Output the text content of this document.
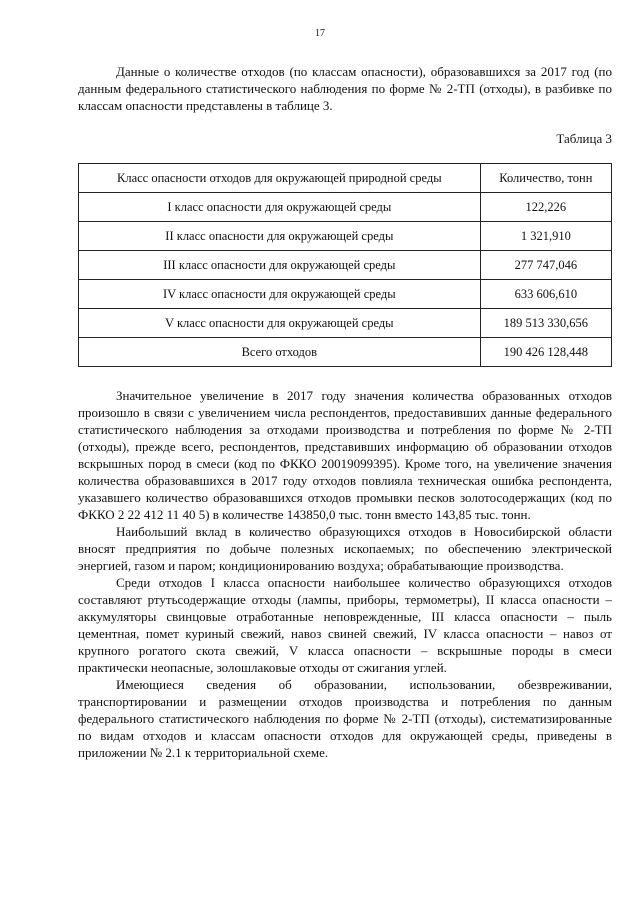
17

Данные о количестве отходов (по классам опасности), образовавшихся за 2017 год (по данным федерального статистического наблюдения по форме № 2-ТП (отходы), в разбивке по классам опасности представлены в таблице 3.

Таблица 3
Класс опасности отходов для окружающей природной среды	Количество, тонн
I класс опасности для окружающей среды	122,226
II класс опасности для окружающей среды	1 321,910
III класс опасности для окружающей среды	277 747,046
IV класс опасности для окружающей среды	633 606,610
V класс опасности для окружающей среды	189 513 330,656
Всего отходов	190 426 128,448

Значительное увеличение в 2017 году значения количества образованных отходов произошло в связи с увеличением числа респондентов, предоставивших данные федерального статистического наблюдения за отходами производства и потребления по форме № 2-ТП (отходы), прежде всего, респондентов, представивших информацию об образовании отходов вскрышных пород в смеси (код по ФККО 20019099395). Кроме того, на увеличение значения количества образовавшихся в 2017 году отходов повлияла техническая ошибка респондента, указавшего количество образовавшихся отходов промывки песков золотосодержащих (код по ФККО 2 22 412 11 40 5) в количестве 143850,0 тыс. тонн вместо 143,85 тыс. тонн.

Наибольший вклад в количество образующихся отходов в Новосибирской области вносят предприятия по добыче полезных ископаемых; по обеспечению электрической энергией, газом и паром; кондиционированию воздуха; обрабатывающие производства.

Среди отходов I класса опасности наибольшее количество образующихся отходов составляют ртутьсодержащие отходы (лампы, приборы, термометры), II класса опасности – аккумуляторы свинцовые отработанные неповрежденные, III класса опасности – пыль цементная, помет куриный свежий, навоз свиней свежий, IV класса опасности – навоз от крупного рогатого скота свежий, V класса опасности – вскрышные породы в смеси практически неопасные, золошлаковые отходы от сжигания углей.

Имеющиеся сведения об образовании, использовании, обезвреживании, транспортировании и размещении отходов производства и потребления по данным федерального статистического наблюдения по форме № 2-ТП (отходы), систематизированные по видам отходов и классам опасности отходов для окружающей среды, приведены в приложении № 2.1 к территориальной схеме.
